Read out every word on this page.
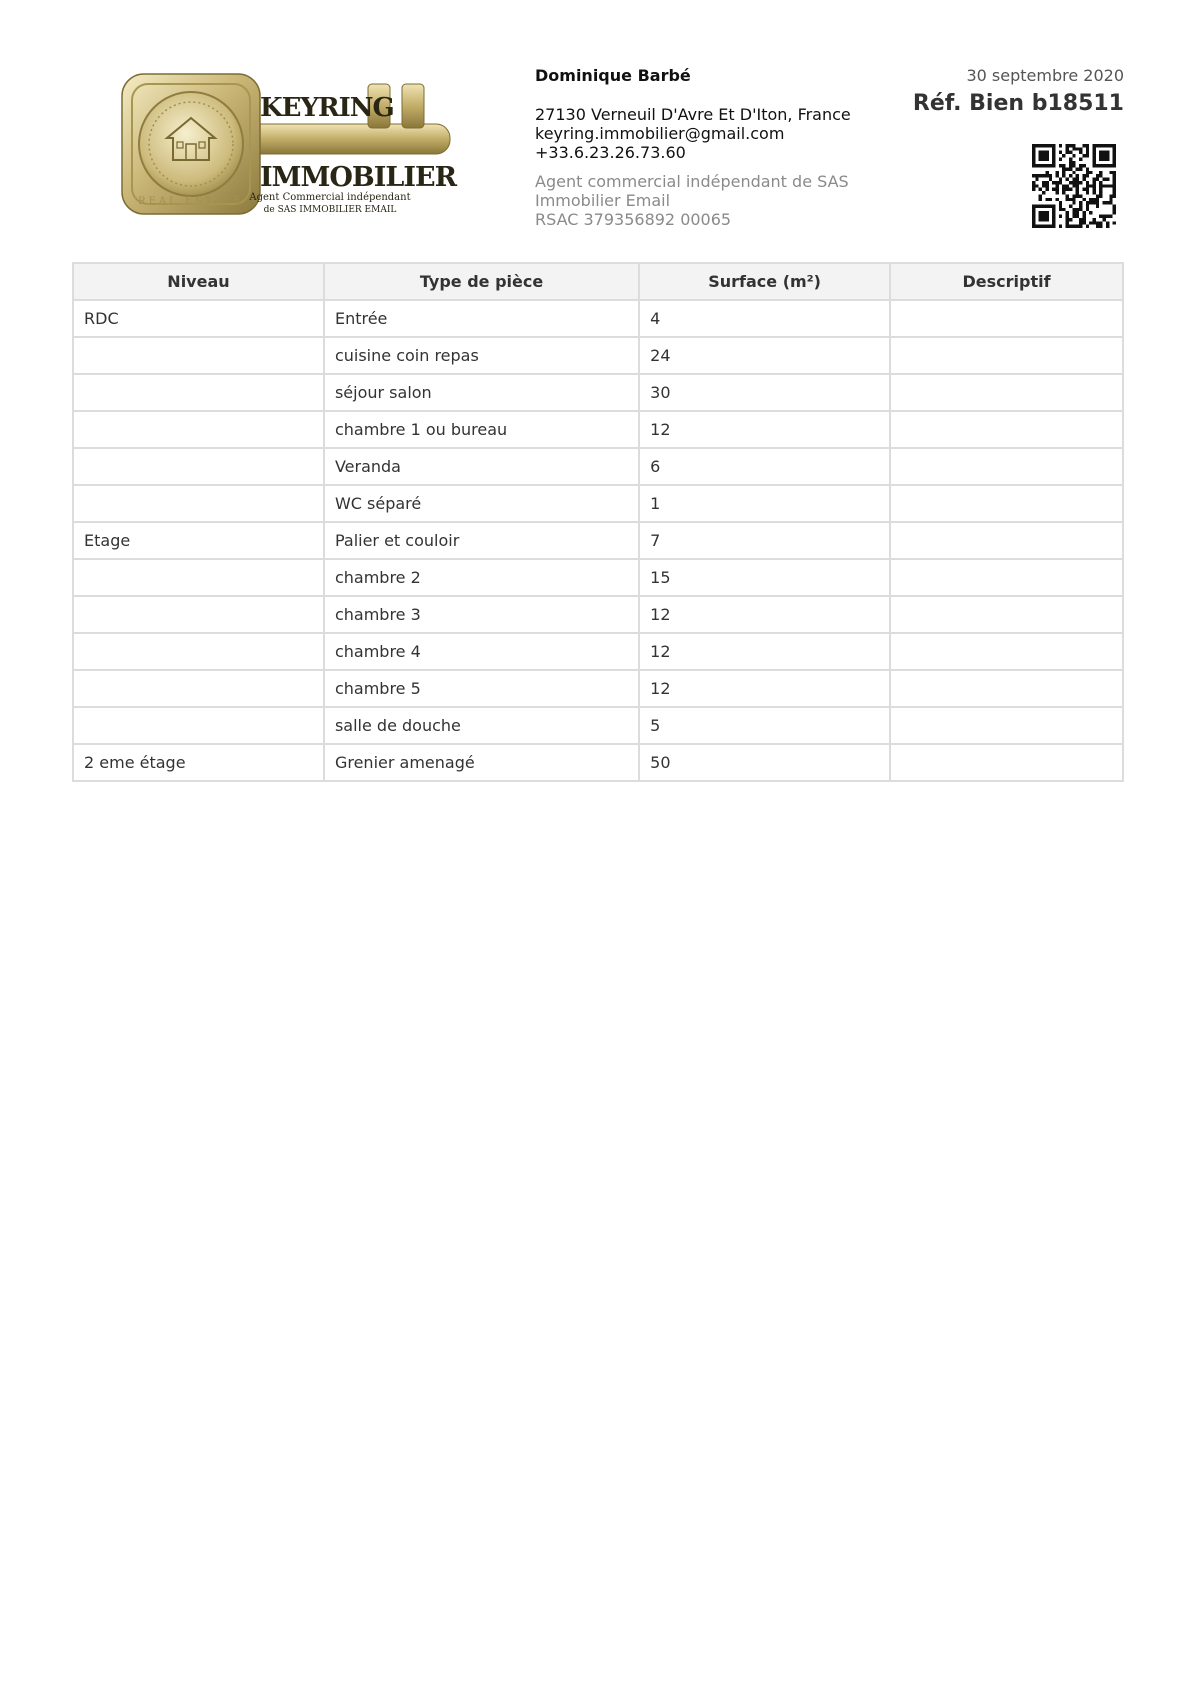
REAL ESTATE
KEYRING
IMMOBILIER
Agent Commercial indépendant
de SAS IMMOBILIER EMAIL
Dominique Barbé
27130 Verneuil D'Avre Et D'Iton, France
keyring.immobilier@gmail.com
+33.6.23.26.73.60
Agent commercial indépendant de SAS
Immobilier Email
RSAC 379356892 00065
30 septembre 2020
Réf. Bien b18511
Niveau	Type de pièce	Surface (m²)	Descriptif
RDC	Entrée	4	
	cuisine coin repas	24	
	séjour salon	30	
	chambre 1 ou bureau	12	
	Veranda	6	
	WC séparé	1	
Etage	Palier et couloir	7	
	chambre 2	15	
	chambre 3	12	
	chambre 4	12	
	chambre 5	12	
	salle de douche	5	
2 eme étage	Grenier amenagé	50	
